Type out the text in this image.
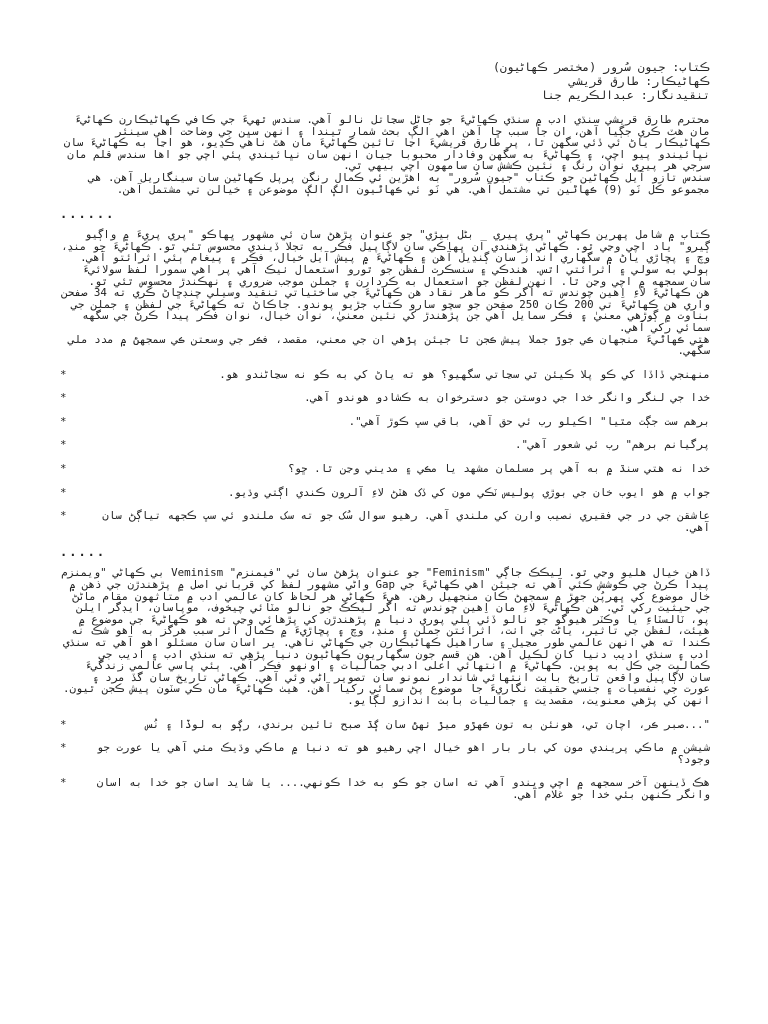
ڪتاب: جيون سُرور (مختصر ڪهاڻيون)
ڪهاڻيڪار: طارق قريشي
تنقيدنگار: عبدالڪريم جنا

محترم طارق قريشي سنڌي ادب ۾ سنڌي ڪهاڻيءَ جو جاڻل سڃاتل نالو آهي. سندس ٿهيءَ جي ڪافي ڪهاڻيڪارن ڪهاڻيءَ مان هٽ ڪري جڳيا آهن، ان جا سبب ڇا آهن اهي الڳ بحث شمار ٿيندا ۽ انهن سڀن جي وضاحت اهي سينئر ڪهاڻيڪار ياڻ ئي ڏئي سگهن ٿا، پر طارق قريشيءَ اڃا تائين ڪهاڻيءَ مان هٿ ناهي ڪڍيو، هو اڃا به ڪهاڻيءَ سان نڀائيندو پيو اچي، ۽ ڪهاڻيءَ به سگهن وفادار محبوبا جيان انهن سان نڀائيندي پئي اچي جو اها سندس قلم مان سرجي هر پيري نوان رنگ ۽ نئين ڪشش سان سامهون اچي بيهي ٿي.

سندس تازو آيل ڪهاڻين جو ڪتاب "جيون سُرور" به اهڙين ئي ڪمال رنگن پرپل ڪهاڻين سان سينگاريل آهن. هي مجموعو ڪل نَو (9) ڪهاڻين تي مشتمل آهي. هي نَو ئي ڪهاڻيون الڳ الڳ موضوعن ۽ خيالن تي مشتمل آهن.

......

ڪتاب ۾ شامل پهرين ڪهاڻي "پري پيري _ بڻل بيڙي" جو عنوان پڙهڻ سان ئي مشهور ڀهاڪو "پري پريءَ ۾ واڳيو ڳيرو" ياد اچي وڃي ٿو. ڪهاڻي پڙهندي ان ڀهاڪي سان لاڳاپيل فڪر به تجلا ڏيندي محسوس ٿئي ٿو. ڪهاڻيءَ جو منڍ، وچ ۽ پڇاڙي ياڻ ۾ سگهاري انداز سان ڳنڍيل آهن ۽ ڪهاڻيءَ ۾ پيش آيل خيال، فڪر ۽ پيغام ٻئي اثرائتو آهي. ٻولي به سولي ۽ اثرائتي اٿس. هندڪي ۽ سنسڪرت لفظن جو ٿورو استعمال ٺيڪ آهي پر اهي سمورا لفظ سولائيءَ سان سمجهه ۾ اچي وڃن ٿا. انهن لفظن جو استعمال به ڪردارن ۽ جملن موجب ضروري ۽ نهڪندڙ محسوس ٿئي ٿو.

هن ڪهاڻيءَ لاءِ اِهين چوندس ته اگر ڪو ماهر نقاد هن ڪهاڻيءَ جي ساختياتي تنقيد وسيلي چنڊڇاڻ ڪري ته 34 صفحن واري هن ڪهاڻيءَ تي 200 ڪان 250 صفحن جو سچو سارو ڪتاب جڙيو پوندو. جاڪاڻ ته ڪهاڻيءَ جي لفظن ۽ جملن جي بناوت ۾ ڳوڙهي معنيٰ ۽ فڪر سمايل آهي جن پڙهندڙ کي نئين معنيٰ، نوان خيال، نوان فڪر پيدا ڪرڻ جي سگهه سمائي رکي آهي.

هتي ڪهاڻيءَ منجهان ڪي جوڙ جملا پيش ڪجن ٿا جيئن پڙهي ان جي معني، مقصد، فڪر جي وسعتن ڪي سمجهڻ ۾ مدد ملي سگهي.

*	منهنجي ڏاڏا کي ڪو پلا ڪيئن ٿي سڃاتي سگهيو؟ هو ته ياڻ کي به ڪو نه سڃاڻندو هو.
*	خدا جي لنگر وانگر خدا جي دوستن جو دسترخوان به ڪشادو هوندو آهي.
*	برهم ست جڳت مٿيا" اڪيلو رب ئي حق آهي، باقي سڀ ڪوڙ آهي".
*	پرگيانم برهم" رب ئي شعور آهي".
*	خدا نه هتي سنڌ ۾ به آهي پر مسلمان مشهد يا مڪي ۽ مديني وڃن ٿا. ڇو؟
*	جواب ۾ هو ايوب خان جي بوڙي پوليس ٽڪي مون کي ڏک هٽڻ لاءِ آلرون ڪندي اڳتي وڌيو.
*	عاشقن جي در جي فقيري نصيب وارن کي ملندي آهي. رهيو سوال سُک جو ته سک ملندو ئي سڀ ڪجهه تياڳڻ سان آهي.

.....

ڏاهن خيال هليو وڃي ٿو. ليڪڪ جاڳي "Feminism" جو عنوان پڙهڻ سان ئي "فيمنزم" Veminism بي ڪهاڻي "ويمنزم پيدا ڪرڻ جي ڪوشش ڪئي آهي ته جيئن اهي ڪهاڻيءَ جي Gap واڻي مشهور لفظ کي قرباني اصل ۾ پڙهندڙن جي ذهن ۾ خال موضوع کي ڀهرپُن جهڙ ۾ سمجهڻ ڪان منجهيل رهن. هيءَ ڪهاڻي هر لحاظ کان عالمي ادب ۾ متاثهون مقام ماڻڻ جي حيثيت رکي ٿي. هن ڪهاڻيءَ لاءِ مان اِهين چوندس ته اگر ليڪڪ جو نالو مٽائي چيخوف، موپاسان، ايڊگر ايلن پو، ٽالسٽاءِ يا وڪٽر هيوگو جو نالو ڏئي پلي پوري دنيا ۾ پڙهندڙن کي پڙهائي وڃي ته هو ڪهاڻيءَ جي موضوع ۾ هيئت، لفظن جي تاثير، ياڻت جي اٺت، اثرائتن جملن ۽ منڍ، وچ ۽ پڇاڙيءَ ۾ ڪمال اثر سبب هرگز به اهو شڪ نه ڪندا ته هي انهن عالمي طور مڃيل ۽ ساراهيل ڪهاڻيڪارن جي ڪهاڻي ناهي. ير اسان سان مسئلو اهو آهي ته سنڌي ادب ۽ سنڌي اديب دنيا کان لڪيل آهن. هن قسم جون سگهاريون ڪهاڻيون دنيا پڙهي ته سنڌي ادب ۽ اديب جي ڪماليت جي ڪل به پوين. ڪهاڻيءَ ۾ انتهائي اعلى ادبي جماليات ۽ اونهو فڪر آهي. ٻئي پاسي عالمي زندگيءَ سان لاڳاپيل واقعن تاريخ بابت انتهائي شاندار نمونو سان تصوير اڻي وئي آهي. ڪهاڻي تاريخ سان گڏ مرد ۽ عورت جي نفسيات ۽ جنسي حقيقت نگاريءَ جا موضوع پڻ سمائي رکيا آهن. هيٺ ڪهاڻيءَ مان ڪي سٽون پيش ڪجن ٿيون. انهن کي پڙهي معنويت، مقصديت ۽ جماليات بابت اندازو لڳايو.

*	"...صبر ڪر، اچان ٿي، هونئن به تون ڪهڙو ميڙ ٺهڻ سان ڳڌ صبح تائين برندي، رڳو به لوڏا ۽ نُس
*	شيشن ۾ ماڪي پريندي مون کي بار بار اهو خيال اچي رهيو هو ته دنيا ۾ ماڪي وڌيڪ مٺي آهي يا عورت جو وجود؟
*	هڪ ڏينهن آخر سمجهه ۾ اچي ويندو آهي ته اسان جو ڪو به خدا ڪونهي.... يا شايد اسان جو خدا به اسان وانگر ڪنهن بئي خدا جو غلام آهي.
